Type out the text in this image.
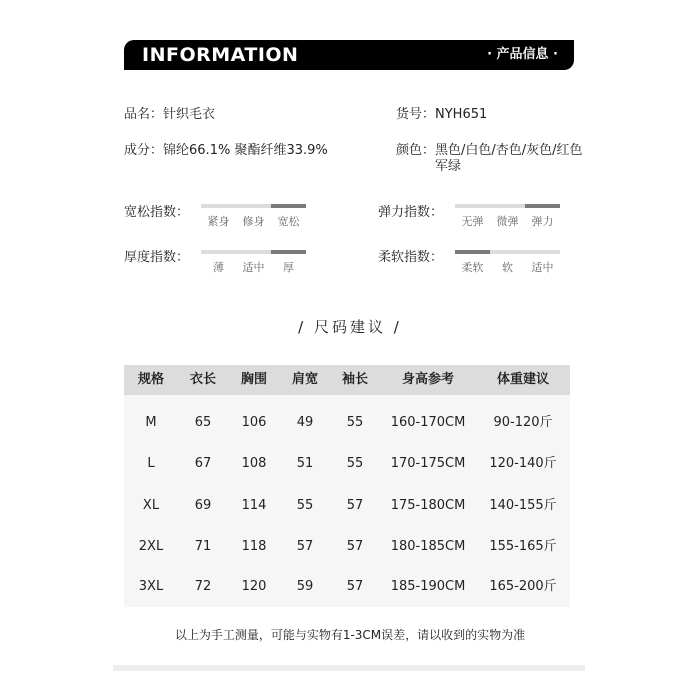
INFORMATION	· 产品信息 ·
品名：针织毛衣	货号：NYH651
成分：锦纶66.1% 聚酯纤维33.9%	颜色：黑色/白色/杏色/灰色/红色
军绿
宽松指数：
紧身	修身	宽松
弹力指数：
无弹	微弹	弹力
厚度指数：
薄	适中	厚
柔软指数：
柔软	软	适中
/ 尺码建议 /
规格	衣长	胸围	肩宽	袖长	身高参考	体重建议
M	65	106	49	55	160-170CM	90-120斤
L	67	108	51	55	170-175CM	120-140斤
XL	69	114	55	57	175-180CM	140-155斤
2XL	71	118	57	57	180-185CM	155-165斤
3XL	72	120	59	57	185-190CM	165-200斤
以上为手工测量，可能与实物有1-3CM误差，请以收到的实物为准
